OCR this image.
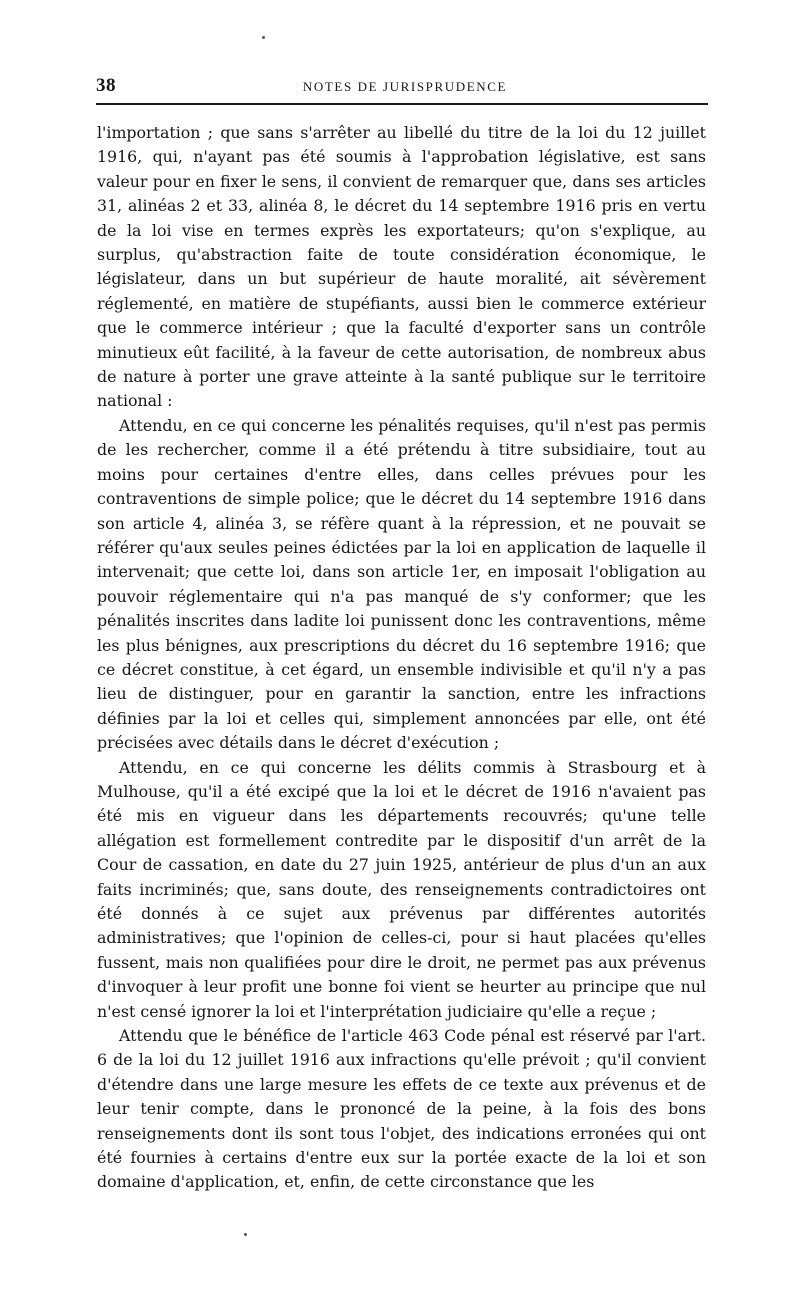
38	NOTES DE JURISPRUDENCE

l'importation ; que sans s'arrêter au libellé du titre de la loi du 12 juillet 1916, qui, n'ayant pas été soumis à l'approbation législative, est sans valeur pour en fixer le sens, il convient de remarquer que, dans ses articles 31, alinéas 2 et 33, alinéa 8, le décret du 14 septembre 1916 pris en vertu de la loi vise en termes exprès les exportateurs; qu'on s'explique, au surplus, qu'abstraction faite de toute considération économique, le législateur, dans un but supérieur de haute moralité, ait sévèrement réglementé, en matière de stupéfiants, aussi bien le commerce extérieur que le commerce intérieur ; que la faculté d'exporter sans un contrôle minutieux eût facilité, à la faveur de cette autorisation, de nombreux abus de nature à porter une grave atteinte à la santé publique sur le territoire national :

Attendu, en ce qui concerne les pénalités requises, qu'il n'est pas permis de les rechercher, comme il a été prétendu à titre subsidiaire, tout au moins pour certaines d'entre elles, dans celles prévues pour les contraventions de simple police; que le décret du 14 septembre 1916 dans son article 4, alinéa 3, se réfère quant à la répression, et ne pouvait se référer qu'aux seules peines édictées par la loi en application de laquelle il intervenait; que cette loi, dans son article 1er, en imposait l'obligation au pouvoir réglementaire qui n'a pas manqué de s'y conformer; que les pénalités inscrites dans ladite loi punissent donc les contraventions, même les plus bénignes, aux prescriptions du décret du 16 septembre 1916; que ce décret constitue, à cet égard, un ensemble indivisible et qu'il n'y a pas lieu de distinguer, pour en garantir la sanction, entre les infractions définies par la loi et celles qui, simplement annoncées par elle, ont été précisées avec détails dans le décret d'exécution ;

Attendu, en ce qui concerne les délits commis à Strasbourg et à Mulhouse, qu'il a été excipé que la loi et le décret de 1916 n'avaient pas été mis en vigueur dans les départements recouvrés; qu'une telle allégation est formellement contredite par le dispositif d'un arrêt de la Cour de cassation, en date du 27 juin 1925, antérieur de plus d'un an aux faits incriminés; que, sans doute, des renseignements contradictoires ont été donnés à ce sujet aux prévenus par différentes autorités administratives; que l'opinion de celles-ci, pour si haut placées qu'elles fussent, mais non qualifiées pour dire le droit, ne permet pas aux prévenus d'invoquer à leur profit une bonne foi vient se heurter au principe que nul n'est censé ignorer la loi et l'interprétation judiciaire qu'elle a reçue ;

Attendu que le bénéfice de l'article 463 Code pénal est réservé par l'art. 6 de la loi du 12 juillet 1916 aux infractions qu'elle prévoit ; qu'il convient d'étendre dans une large mesure les effets de ce texte aux prévenus et de leur tenir compte, dans le prononcé de la peine, à la fois des bons renseignements dont ils sont tous l'objet, des indications erronées qui ont été fournies à certains d'entre eux sur la portée exacte de la loi et son domaine d'application, et, enfin, de cette circonstance que les
